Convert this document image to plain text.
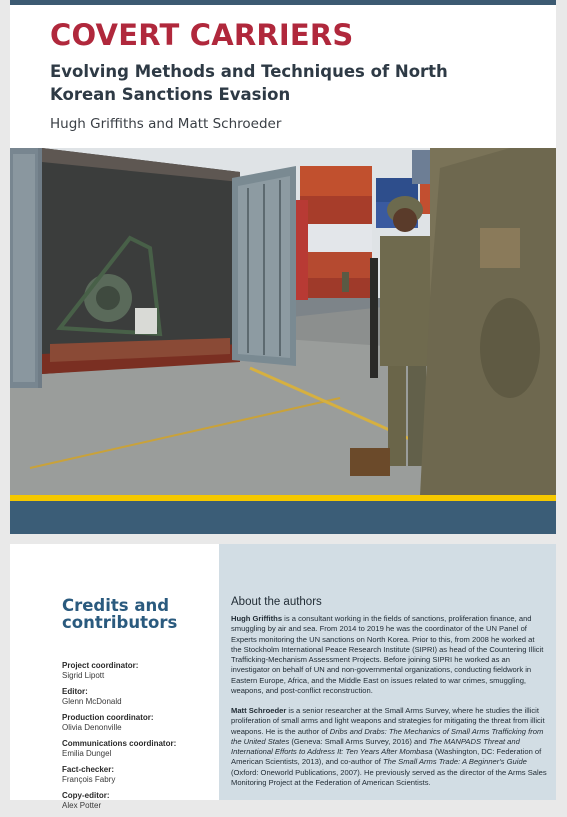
COVERT CARRIERS
Evolving Methods and Techniques of North Korean Sanctions Evasion
Hugh Griffiths and Matt Schroeder
Credits and contributors
Project coordinator:
Sigrid Lipott
Editor:
Glenn McDonald
Production coordinator:
Olivia Denonville
Communications coordinator:
Emilia Dungel
Fact-checker:
François Fabry
Copy-editor:
Alex Potter
About the authors

Hugh Griffiths is a consultant working in the fields of sanctions, proliferation finance, and smuggling by air and sea. From 2014 to 2019 he was the coordinator of the UN Panel of Experts monitoring the UN sanctions on North Korea. Prior to this, from 2008 he worked at the Stockholm International Peace Research Institute (SIPRI) as head of the Countering Illicit Trafficking-Mechanism Assessment Projects. Before joining SIPRI he worked as an investigator on behalf of UN and non-governmental organizations, conducting fieldwork in Eastern Europe, Africa, and the Middle East on issues related to war crimes, smuggling, weapons, and post-conflict reconstruction.

Matt Schroeder is a senior researcher at the Small Arms Survey, where he studies the illicit proliferation of small arms and light weapons and strategies for mitigating the threat from illicit weapons. He is the author of Dribs and Drabs: The Mechanics of Small Arms Trafficking from the United States (Geneva: Small Arms Survey, 2016) and The MANPADS Threat and International Efforts to Address It: Ten Years After Mombasa (Washington, DC: Federation of American Scientists, 2013), and co-author of The Small Arms Trade: A Beginner's Guide (Oxford: Oneworld Publications, 2007). He previously served as the director of the Arms Sales Monitoring Project at the Federation of American Scientists.
